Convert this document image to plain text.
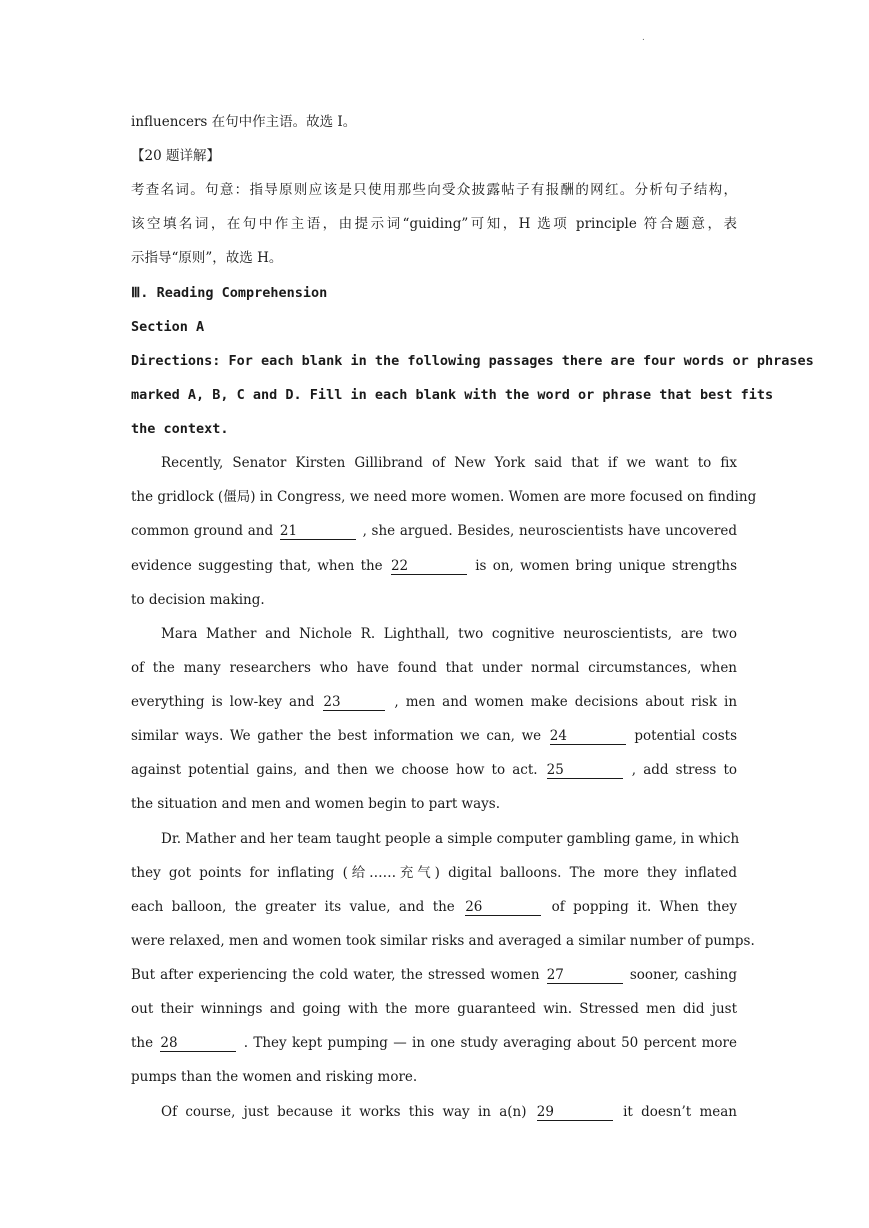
.
influencers 在句中作主语。故选 I。
【20 题详解】
考查名词。句意：指导原则应该是只使用那些向受众披露帖子有报酬的网红。分析句子结构，
该空填名词，在句中作主语，由提示词“guiding”可知，H 选项 principle 符合题意，表
示指导“原则”，故选 H。
Ⅲ. Reading Comprehension
Section A
Directions: For each blank in the following passages there are four words or phrases
marked A, B, C and D. Fill in each blank with the word or phrase that best fits
the context.
Recently, Senator Kirsten Gillibrand of New York said that if we want to fix
the gridlock (僵局) in Congress, we need more women. Women are more focused on finding
common ground and 21	, she argued. Besides, neuroscientists have uncovered
evidence suggesting that, when the 22	is on, women bring unique strengths
to decision making.
Mara Mather and Nichole R. Lighthall, two cognitive neuroscientists, are two
of the many researchers who have found that under normal circumstances, when
everything is low-key and 23	, men and women make decisions about risk in
similar ways. We gather the best information we can, we 24	potential costs
against potential gains, and then we choose how to act. 25	, add stress to
the situation and men and women begin to part ways.
Dr. Mather and her team taught people a simple computer gambling game, in which
they got points for inflating (给……充气) digital balloons. The more they inflated
each balloon, the greater its value, and the 26	of popping it. When they
were relaxed, men and women took similar risks and averaged a similar number of pumps.
But after experiencing the cold water, the stressed women 27	sooner, cashing
out their winnings and going with the more guaranteed win. Stressed men did just
the 28	. They kept pumping — in one study averaging about 50 percent more
pumps than the women and risking more.
Of course, just because it works this way in a(n) 29	it doesn’t mean
